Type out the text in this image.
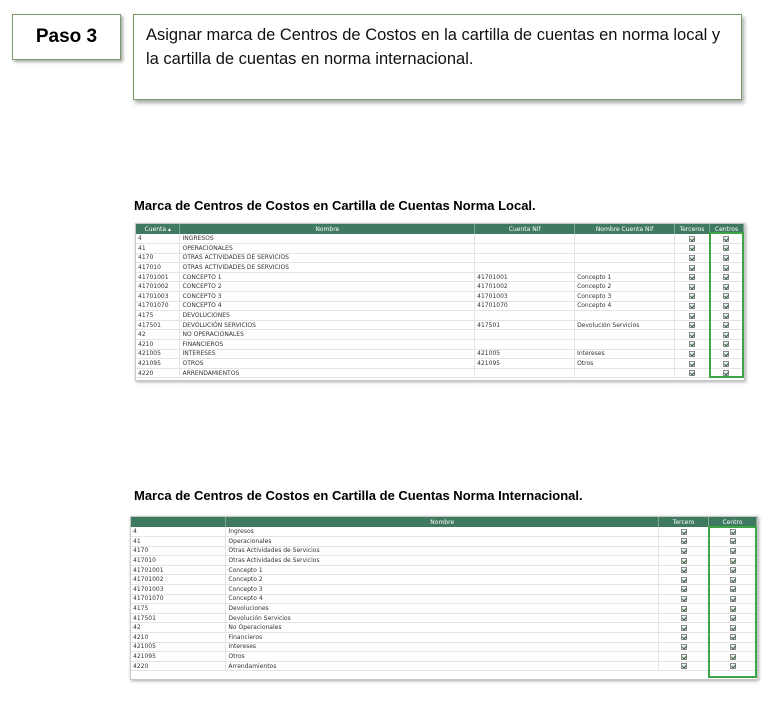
Paso 3	Asignar marca de Centros de Costos en la cartilla de cuentas en norma local y la cartilla de cuentas en norma internacional.
Marca de Centros de Costos en Cartilla de Cuentas Norma Local.
Cuenta ▴	Nombre	Cuenta Nif	Nombre Cuenta Nif	Terceros	Centros
4	INGRESOS				
41	OPERACIONALES				
4170	OTRAS ACTIVIDADES DE SERVICIOS				
417010	OTRAS ACTIVIDADES DE SERVICIOS				
41701001	CONCEPTO 1	41701001	Concepto 1		
41701002	CONCEPTO 2	41701002	Concepto 2		
41701003	CONCEPTO 3	41701003	Concepto 3		
41701070	CONCEPTO 4	41701070	Concepto 4		
4175	DEVOLUCIONES				
417501	DEVOLUCIÓN SERVICIOS	417501	Devolución Servicios		
42	NO OPERACIONALES				
4210	FINANCIEROS				
421005	INTERESES	421005	Intereses		
421095	OTROS	421095	Otros		
4220	ARRENDAMIENTOS				
Marca de Centros de Costos en Cartilla de Cuentas Norma Internacional.
	Nombre	Tercero	Centro
4	Ingresos		
41	Operacionales		
4170	Otras Actividades de Servicios		
417010	Otras Actividades de Servicios		
41701001	Concepto 1		
41701002	Concepto 2		
41701003	Concepto 3		
41701070	Concepto 4		
4175	Devoluciones		
417501	Devolución Servicios		
42	No Operacionales		
4210	Financieros		
421005	Intereses		
421095	Otros		
4220	Arrendamientos		
